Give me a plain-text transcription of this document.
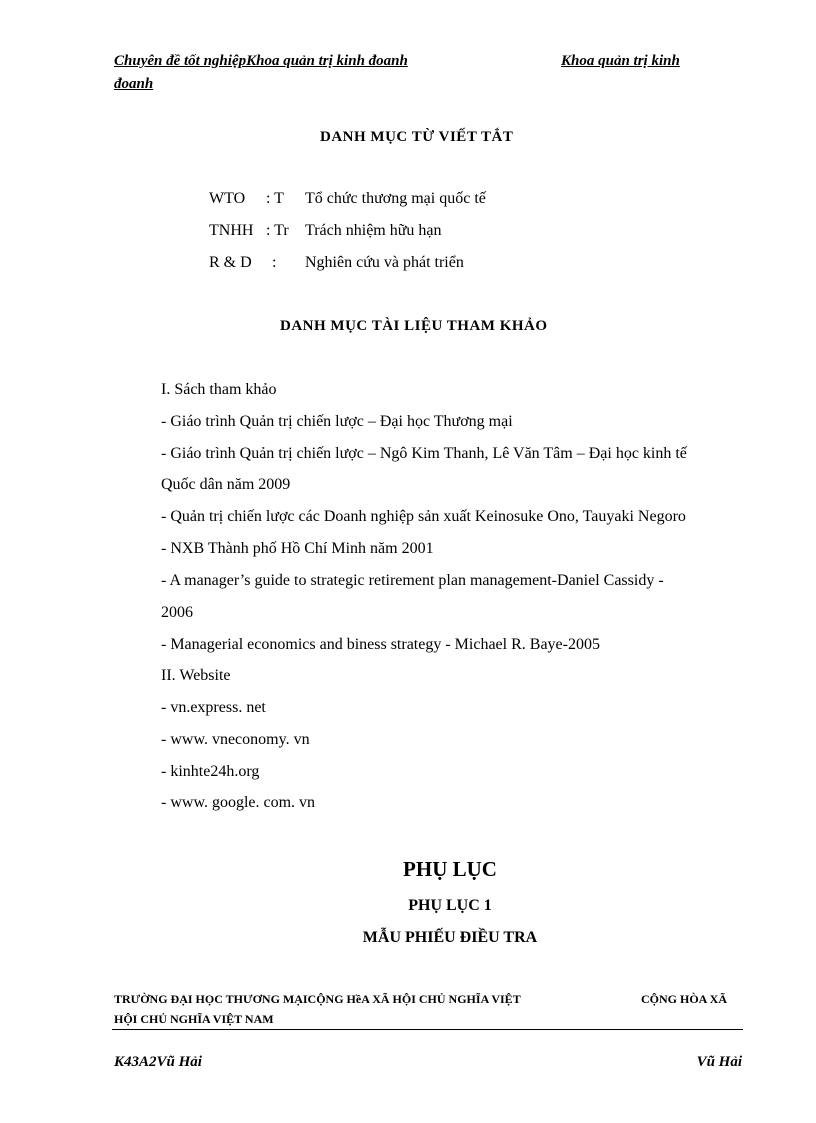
Chuyên đề tốt nghiệpKhoa quản trị kinh đoanh	Khoa quản trị kinh
đoanh
DANH MỤC TỪ VIẾT TẮT
WTO : T Tổ chức thương mại quốc tế
TNHH : Tr Trách nhiệm hữu hạn
R & D : Nghiên cứu và phát triển
DANH MỤC TÀI LIỆU THAM KHẢO
I. Sách tham khảo
- Giáo trình Quản trị chiến lược – Đại học Thương mại
- Giáo trình Quản trị chiến lược – Ngô Kim Thanh, Lê Văn Tâm – Đại học kinh tế
Quốc dân năm 2009
- Quản trị chiến lược các Doanh nghiệp sản xuất Keinosuke Ono, Tauyaki Negoro
- NXB Thành phố Hồ Chí Minh năm 2001
- A manager’s guide to strategic retirement plan management-Daniel Cassidy -
2006
- Managerial economics and biness strategy - Michael R. Baye-2005
II. Website
- vn.express. net
- www. vneconomy. vn
- kinhte24h.org
- www. google. com. vn
PHỤ LỤC
PHỤ LỤC 1
MẪU PHIẾU ĐIỀU TRA
TRƯỜNG ĐẠI HỌC THƯƠNG MẠICỘNG HềA XÃ HỘI CHỦ NGHĨA VIỆT	CỘNG HÒA XÃ
HỘI CHỦ NGHĨA VIỆT NAM
K43A2Vũ Hải	Vũ Hải
